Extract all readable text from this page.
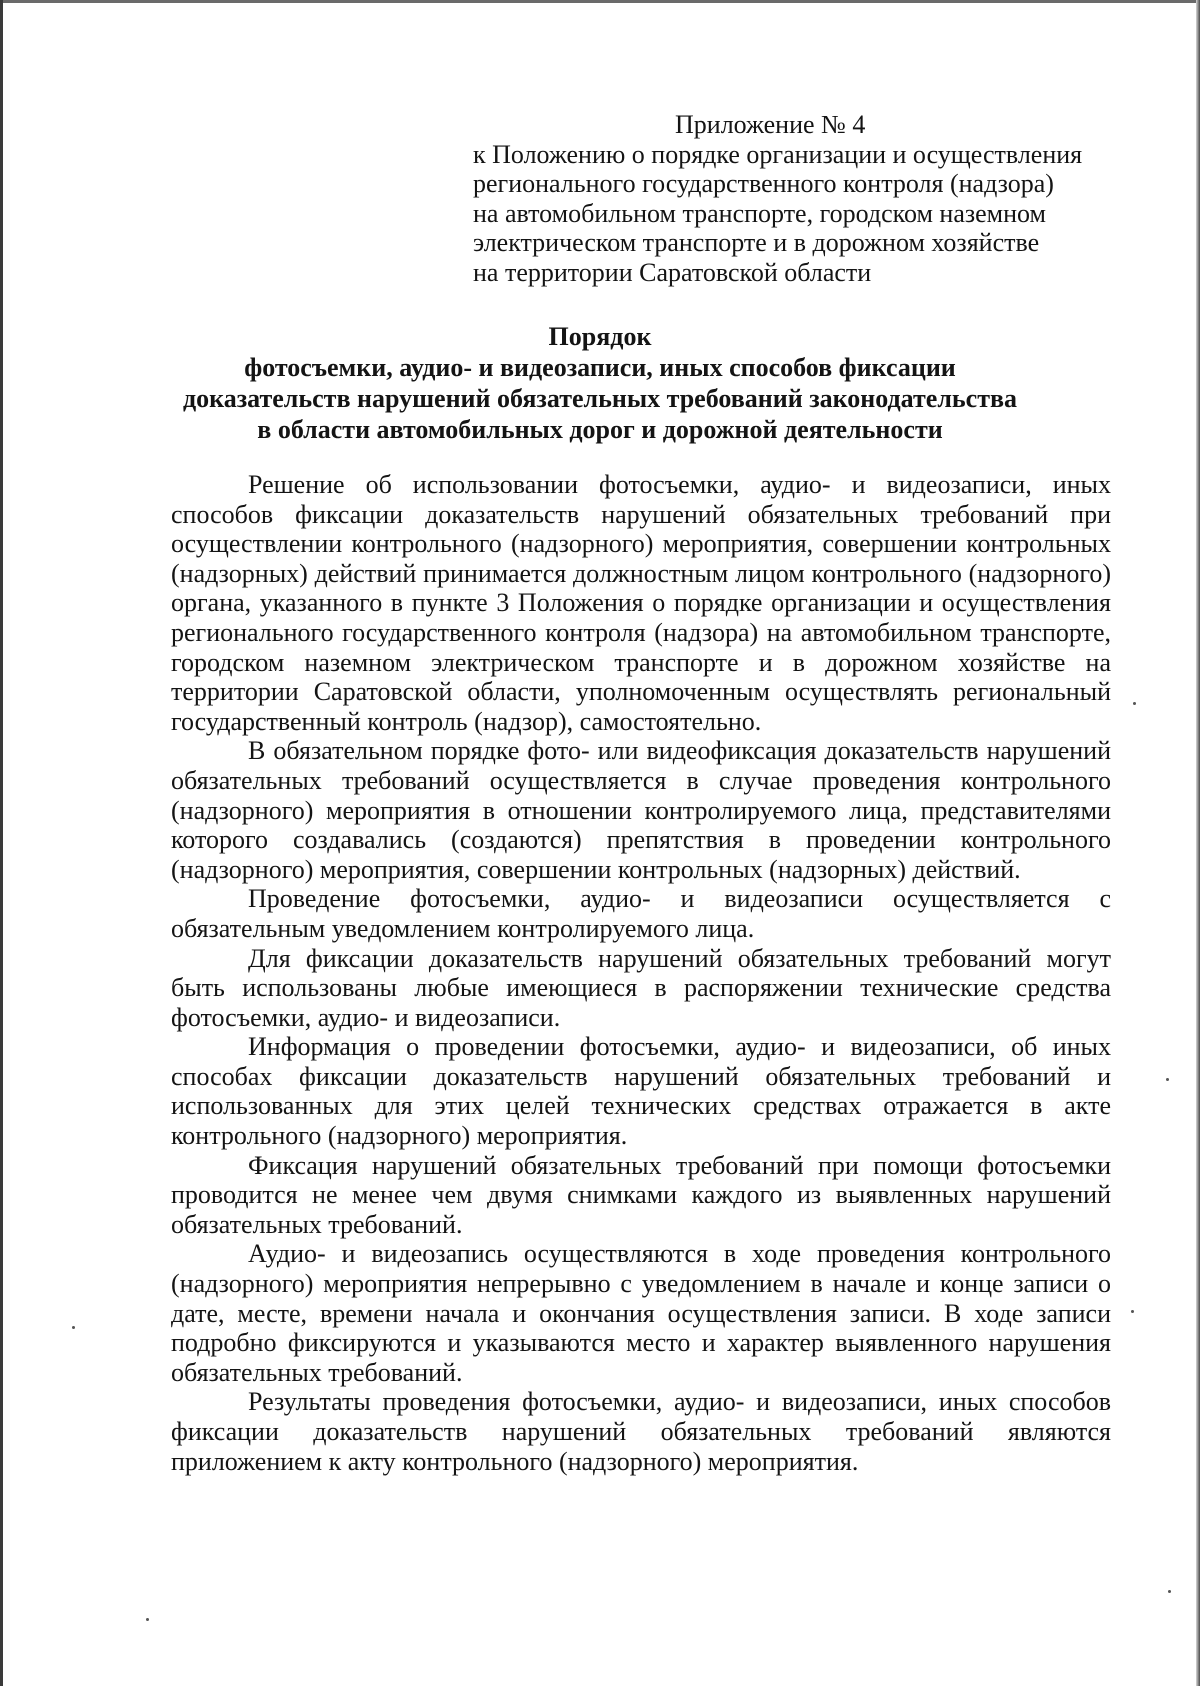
Приложение № 4
к Положению о порядке организации и осуществления
регионального государственного контроля (надзора)
на автомобильном транспорте, городском наземном
электрическом транспорте и в дорожном хозяйстве
на территории Саратовской области
Порядок
фотосъемки, аудио- и видеозаписи, иных способов фиксации
доказательств нарушений обязательных требований законодательства
в области автомобильных дорог и дорожной деятельности

Решение об использовании фотосъемки, аудио- и видеозаписи, иных способов фиксации доказательств нарушений обязательных требований при осуществлении контрольного (надзорного) мероприятия, совершении контрольных (надзорных) действий принимается должностным лицом контрольного (надзорного) органа, указанного в пункте 3 Положения о порядке организации и осуществления регионального государственного контроля (надзора) на автомобильном транспорте, городском наземном электрическом транспорте и в дорожном хозяйстве на территории Саратовской области, уполномоченным осуществлять региональный государственный контроль (надзор), самостоятельно.

В обязательном порядке фото- или видеофиксация доказательств нарушений обязательных требований осуществляется в случае проведения контрольного (надзорного) мероприятия в отношении контролируемого лица, представителями которого создавались (создаются) препятствия в проведении контрольного (надзорного) мероприятия, совершении контрольных (надзорных) действий.

Проведение фотосъемки, аудио- и видеозаписи осуществляется с обязательным уведомлением контролируемого лица.

Для фиксации доказательств нарушений обязательных требований могут быть использованы любые имеющиеся в распоряжении технические средства фотосъемки, аудио- и видеозаписи.

Информация о проведении фотосъемки, аудио- и видеозаписи, об иных способах фиксации доказательств нарушений обязательных требований и использованных для этих целей технических средствах отражается в акте контрольного (надзорного) мероприятия.

Фиксация нарушений обязательных требований при помощи фотосъемки проводится не менее чем двумя снимками каждого из выявленных нарушений обязательных требований.

Аудио- и видеозапись осуществляются в ходе проведения контрольного (надзорного) мероприятия непрерывно с уведомлением в начале и конце записи о дате, месте, времени начала и окончания осуществления записи. В ходе записи подробно фиксируются и указываются место и характер выявленного нарушения обязательных требований.

Результаты проведения фотосъемки, аудио- и видеозаписи, иных способов фиксации доказательств нарушений обязательных требований являются приложением к акту контрольного (надзорного) мероприятия.
